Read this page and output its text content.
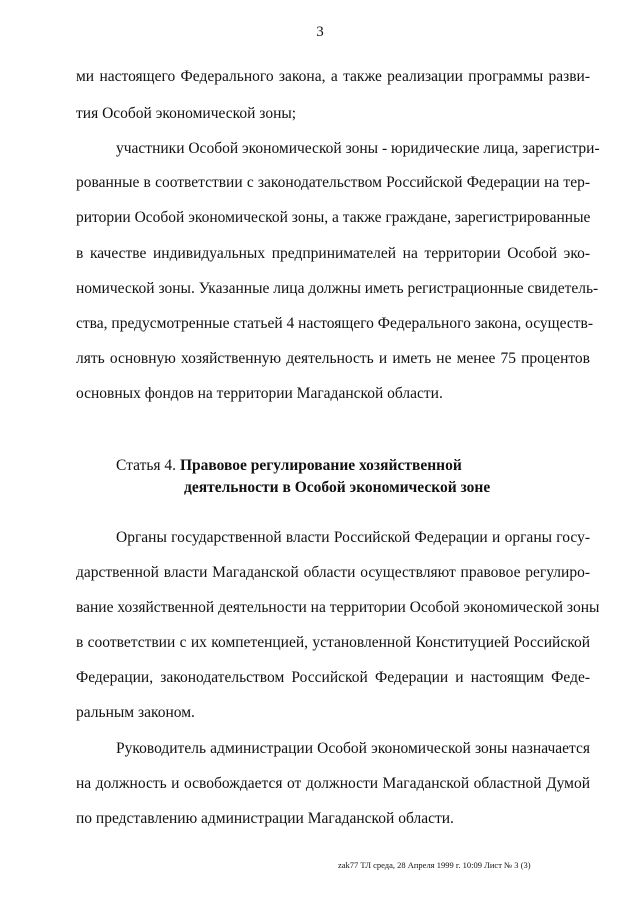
3
ми настоящего Федерального закона, а также реализации программы разви-
тия Особой экономической зоны;
участники Особой экономической зоны - юридические лица, зарегистри-
рованные в соответствии с законодательством Российской Федерации на тер-
ритории Особой экономической зоны, а также граждане, зарегистрированные
в качестве индивидуальных предпринимателей на территории Особой эко-
номической зоны. Указанные лица должны иметь регистрационные свидетель-
ства, предусмотренные статьей 4 настоящего Федерального закона, осуществ-
лять основную хозяйственную деятельность и иметь не менее 75 процентов
основных фондов на территории Магаданской области.
Статья 4. Правовое регулирование хозяйственной
деятельности в Особой экономической зоне
Органы государственной власти Российской Федерации и органы госу-
дарственной власти Магаданской области осуществляют правовое регулиро-
вание хозяйственной деятельности на территории Особой экономической зоны
в соответствии с их компетенцией, установленной Конституцией Российской
Федерации, законодательством Российской Федерации и настоящим Феде-
ральным законом.
Руководитель администрации Особой экономической зоны назначается
на должность и освобождается от должности Магаданской областной Думой
по представлению администрации Магаданской области.
zak77 ТЛ среда, 28 Апреля 1999 г. 10:09 Лист № 3 (3)
